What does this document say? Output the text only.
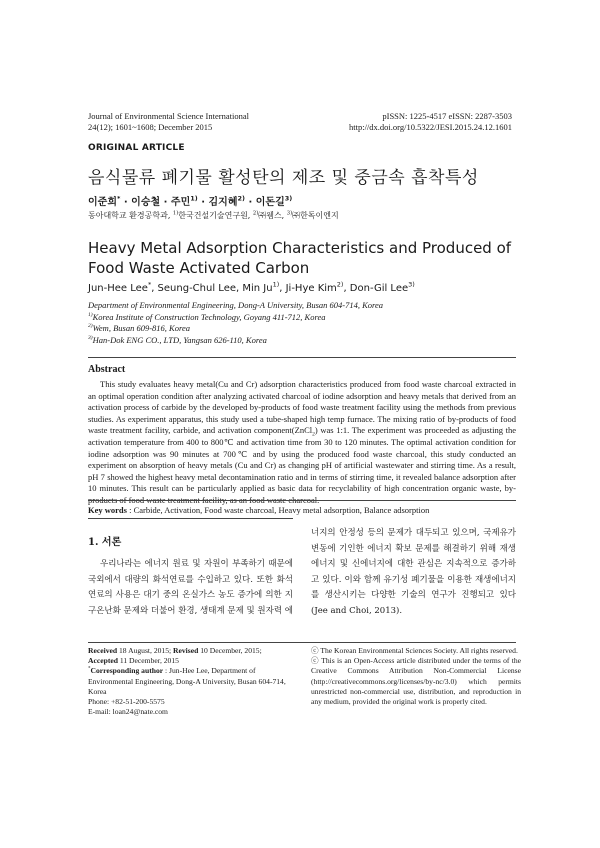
Journal of Environmental Science International
24(12); 1601~1608; December 2015
pISSN: 1225-4517 eISSN: 2287-3503
http://dx.doi.org/10.5322/JESI.2015.24.12.1601
ORIGINAL ARTICLE
음식물류 폐기물 활성탄의 제조 및 중금속 흡착특성
이준희* · 이승철 · 주민$^{1)}$ · 김지혜$^{2)}$ · 이돈길$^{3)}$
동아대학교 환경공학과, $^{1)}$한국건설기술연구원, $^{2)}$㈜웸스, $^{3)}$㈜한독이엔지
Heavy Metal Adsorption Characteristics and Produced of Food Waste Activated Carbon
Jun-Hee Lee*, Seung-Chul Lee, Min Ju$^{1)}$, Ji-Hye Kim$^{2)}$, Don-Gil Lee$^{3)}$
Department of Environmental Engineering, Dong-A University, Busan 604-714, Korea
$^{1)}$Korea Institute of Construction Technology, Goyang 411-712, Korea
$^{2)}$Wem, Busan 609-816, Korea
$^{3)}$Han-Dok ENG CO., LTD, Yangsan 626-110, Korea
Abstract
This study evaluates heavy metal(Cu and Cr) adsorption characteristics produced from food waste charcoal extracted in an optimal operation condition after analyzing activated charcoal of iodine adsorption and heavy metals that derived from an activation process of carbide by the developed by-products of food waste treatment facility using the methods from previous studies. As experiment apparatus, this study used a tube-shaped high temp furnace. The mixing ratio of by-products of food waste treatment facility, carbide, and activation component(ZnCl$_2$) was 1:1. The experiment was proceeded as adjusting the activation temperature from 400 to 800℃ and activation time from 30 to 120 minutes. The optimal activation condition for iodine adsorption was 90 minutes at 700℃ and by using the produced food waste charcoal, this study conducted an experiment on absorption of heavy metals (Cu and Cr) as changing pH of artificial wastewater and stirring time. As a result, pH 7 showed the highest heavy metal decontamination ratio and in terms of stirring time, it revealed balance adsorption after 10 minutes. This result can be particularly applied as basic data for recyclability of high concentration organic waste, by-products of food waste treatment facility, as an food waste charcoal.
Key words : Carbide, Activation, Food waste charcoal, Heavy metal adsorption, Balance adsorption
1. 서론
우리나라는 에너지 원료 및 자원이 부족하기 때문에 국외에서 대량의 화석연료를 수입하고 있다. 또한 화석연료의 사용은 대기 중의 온실가스 농도 증가에 의한 지구온난화 문제와 더불어 환경, 생태계 문제 및 원자력 에
너지의 안정성 등의 문제가 대두되고 있으며, 국제유가 변동에 기인한 에너지 확보 문제를 해결하기 위해 재생에너지 및 신에너지에 대한 관심은 지속적으로 증가하고 있다. 이와 함께 유기성 폐기물을 이용한 재생에너지를 생산시키는 다양한 기술의 연구가 진행되고 있다(Jee and Choi, 2013).
Received 18 August, 2015; Revised 10 December, 2015;
Accepted 11 December, 2015
*Corresponding author : Jun-Hee Lee, Department of Environmental Engineering, Dong-A University, Busan 604-714, Korea
Phone: +82-51-200-5575
E-mail: loan24@nate.com
ⓒ The Korean Environmental Sciences Society. All rights reserved.
ⓒ This is an Open-Access article distributed under the terms of the Creative Commons Attribution Non-Commercial License (http://creativecommons.org/licenses/by-nc/3.0) which permits unrestricted non-commercial use, distribution, and reproduction in any medium, provided the original work is properly cited.
